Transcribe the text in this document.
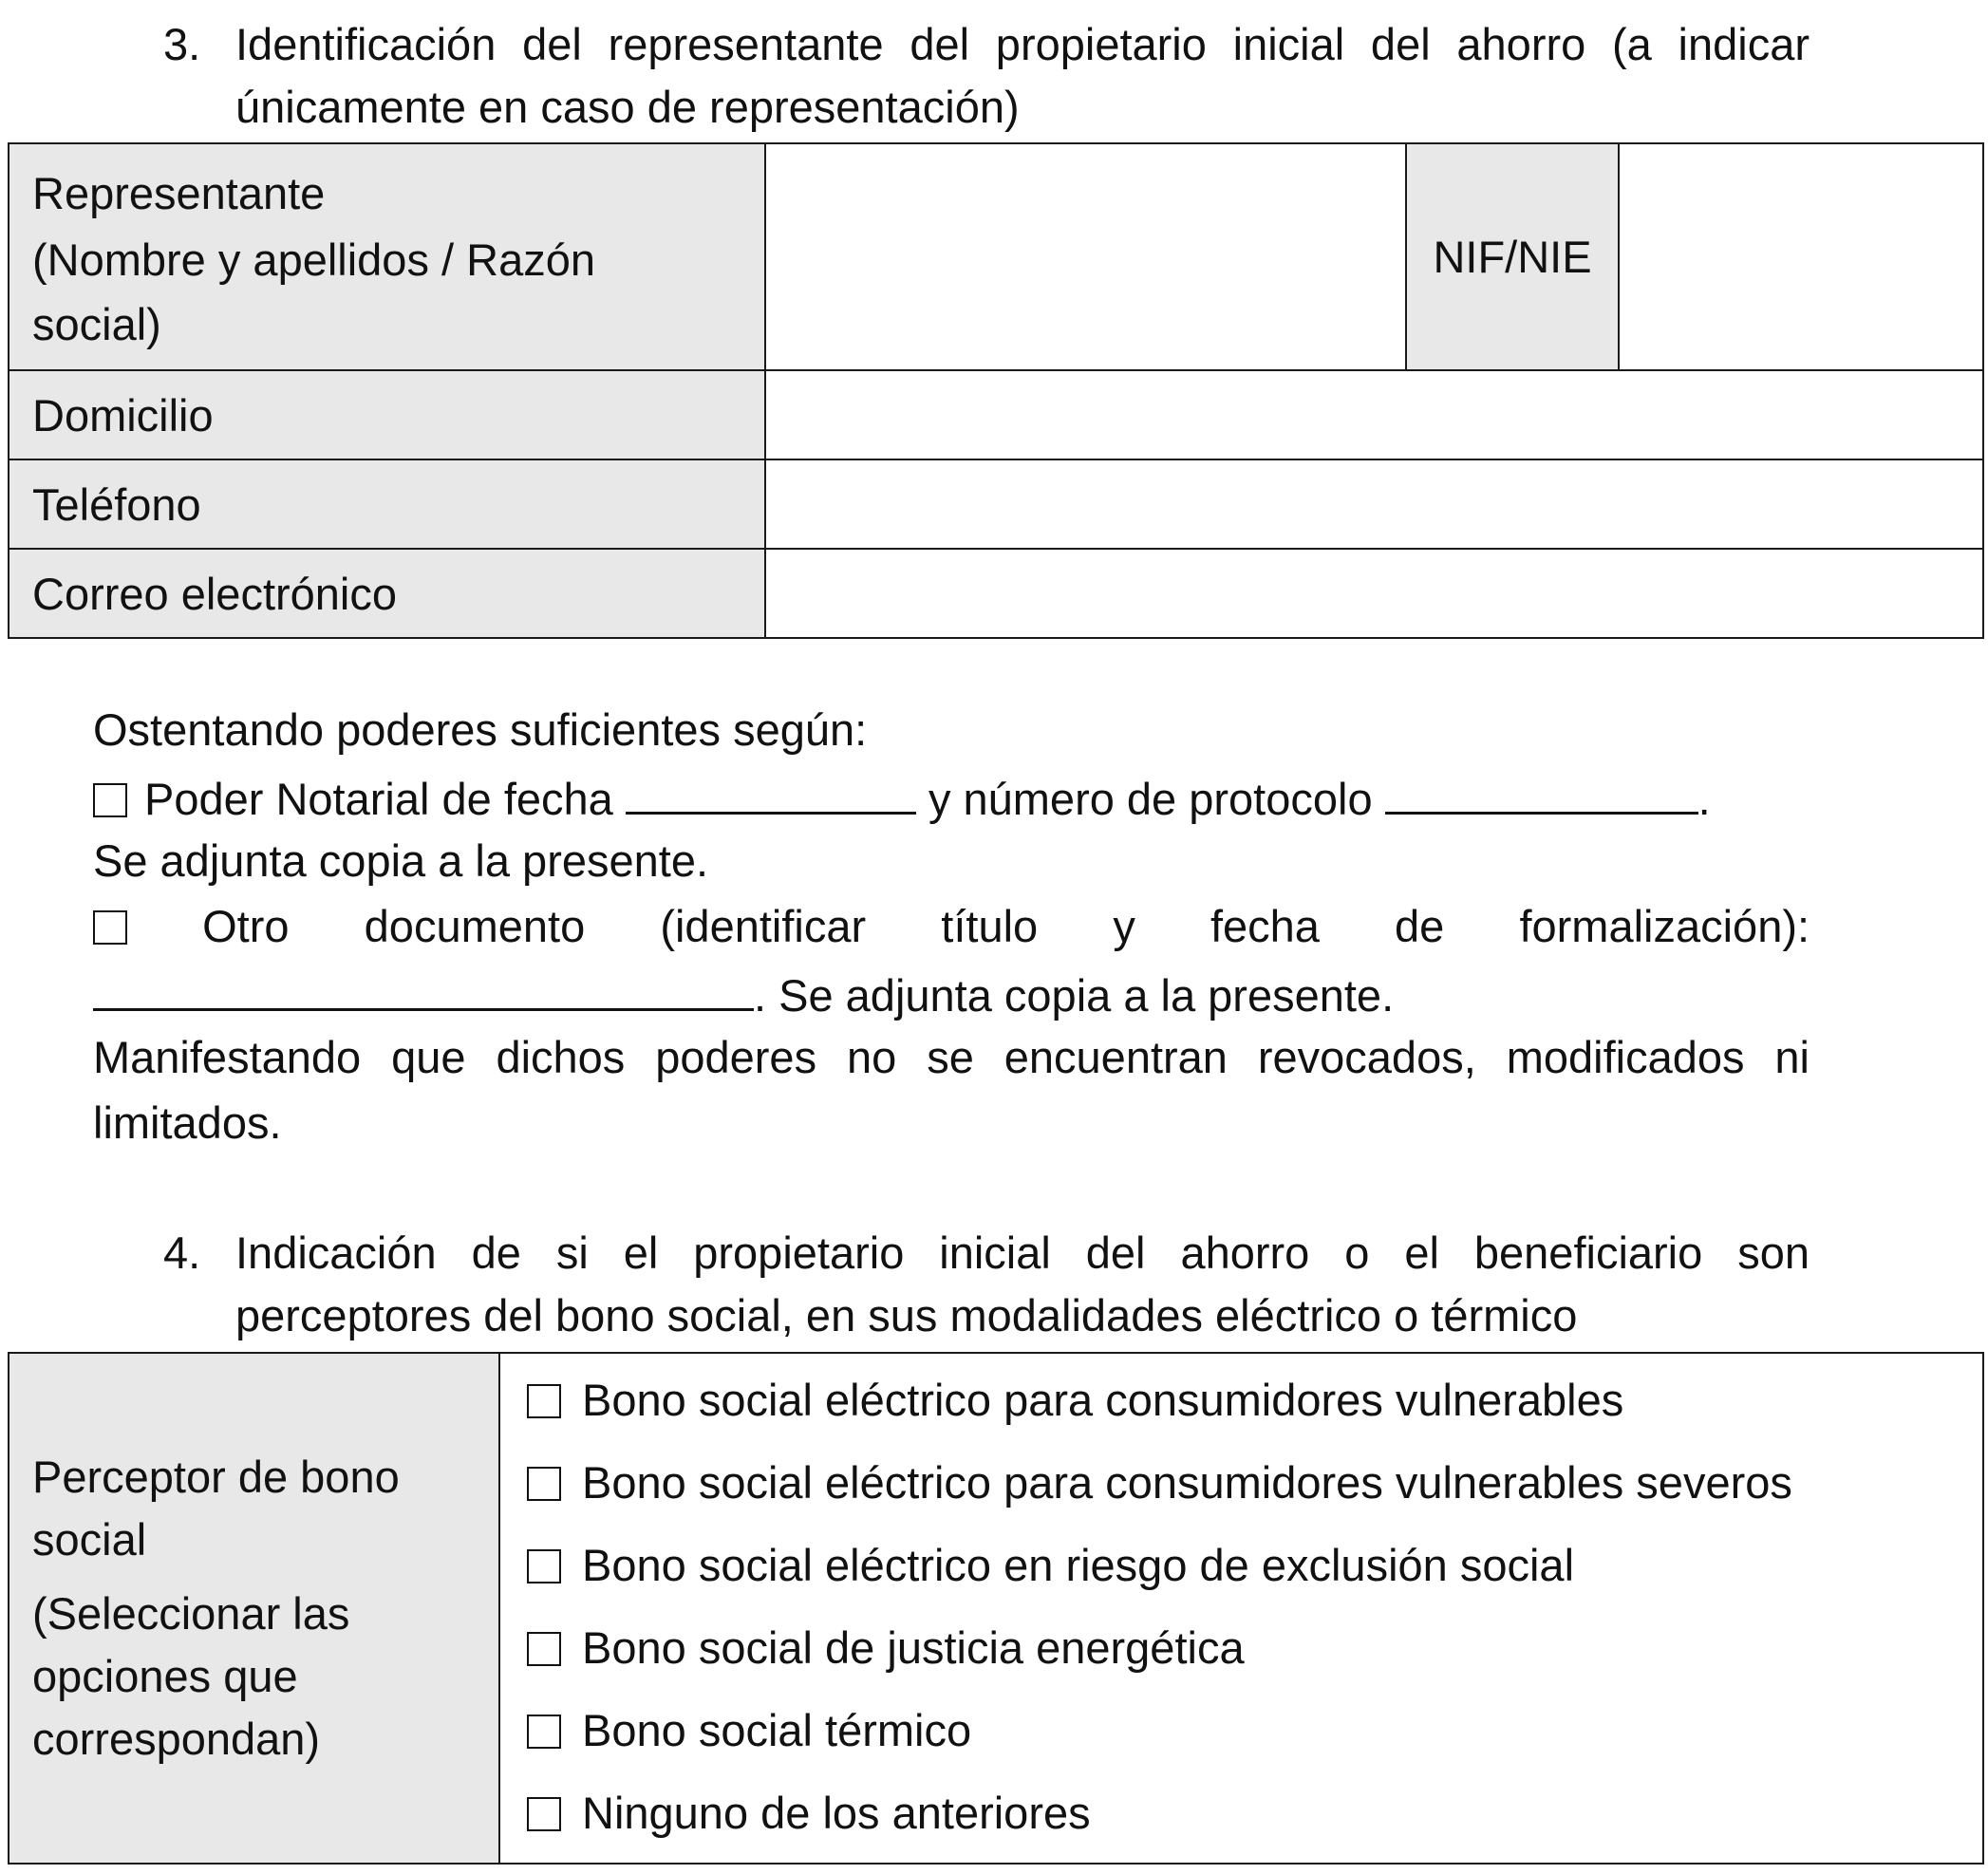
3. Identificación del representante del propietario inicial del ahorro (a indicar
únicamente en caso de representación)
Representante
(Nombre y apellidos / Razón
social)		NIF/NIE	
Domicilio			
Teléfono			
Correo electrónico			
Ostentando poderes suficientes según:
Poder Notarial de fecha	y número de protocolo	.
Se adjunta copia a la presente.
Otro documento (identificar título y fecha de formalización):
. Se adjunta copia a la presente.
Manifestando que dichos poderes no se encuentran revocados, modificados ni
limitados.
4. Indicación de si el propietario inicial del ahorro o el beneficiario son
perceptores del bono social, en sus modalidades eléctrico o térmico
Perceptor de bono
social
(Seleccionar las
opciones que
correspondan)

Bono social eléctrico para consumidores vulnerables
Bono social eléctrico para consumidores vulnerables severos
Bono social eléctrico en riesgo de exclusión social
Bono social de justicia energética
Bono social térmico
Ninguno de los anteriores
